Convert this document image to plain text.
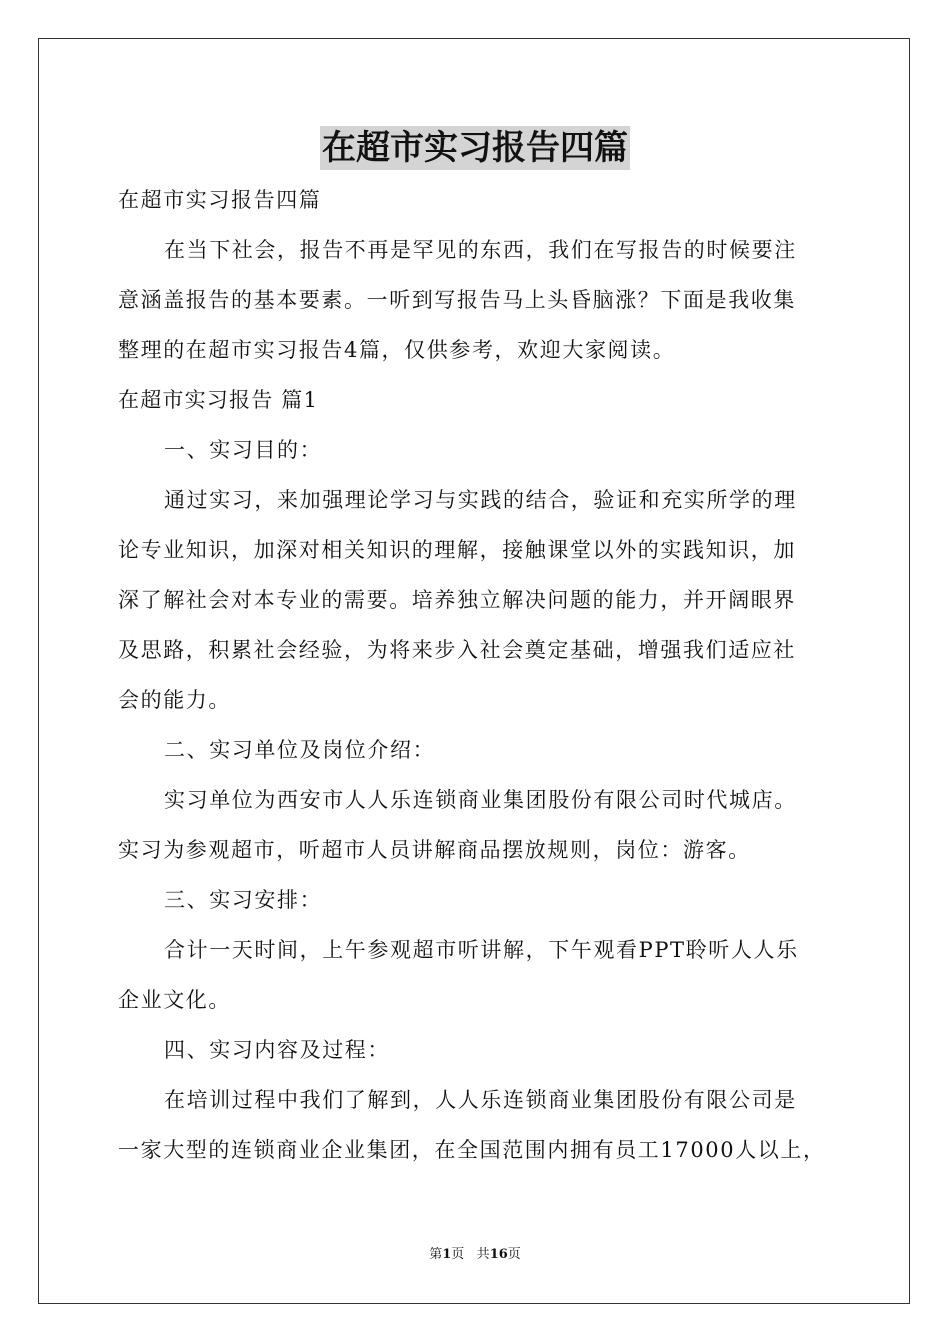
在超市实习报告四篇
在超市实习报告四篇
在当下社会，报告不再是罕见的东西，我们在写报告的时候要注
意涵盖报告的基本要素。一听到写报告马上头昏脑涨？下面是我收集
整理的在超市实习报告4篇，仅供参考，欢迎大家阅读。
在超市实习报告 篇1
一、实习目的：
通过实习，来加强理论学习与实践的结合，验证和充实所学的理
论专业知识，加深对相关知识的理解，接触课堂以外的实践知识，加
深了解社会对本专业的需要。培养独立解决问题的能力，并开阔眼界
及思路，积累社会经验，为将来步入社会奠定基础，增强我们适应社
会的能力。
二、实习单位及岗位介绍：
实习单位为西安市人人乐连锁商业集团股份有限公司时代城店。
实习为参观超市，听超市人员讲解商品摆放规则，岗位：游客。
三、实习安排：
合计一天时间，上午参观超市听讲解，下午观看PPT聆听人人乐
企业文化。
四、实习内容及过程：
在培训过程中我们了解到，人人乐连锁商业集团股份有限公司是
一家大型的连锁商业企业集团，在全国范围内拥有员工17000人以上，
第1页 共16页
